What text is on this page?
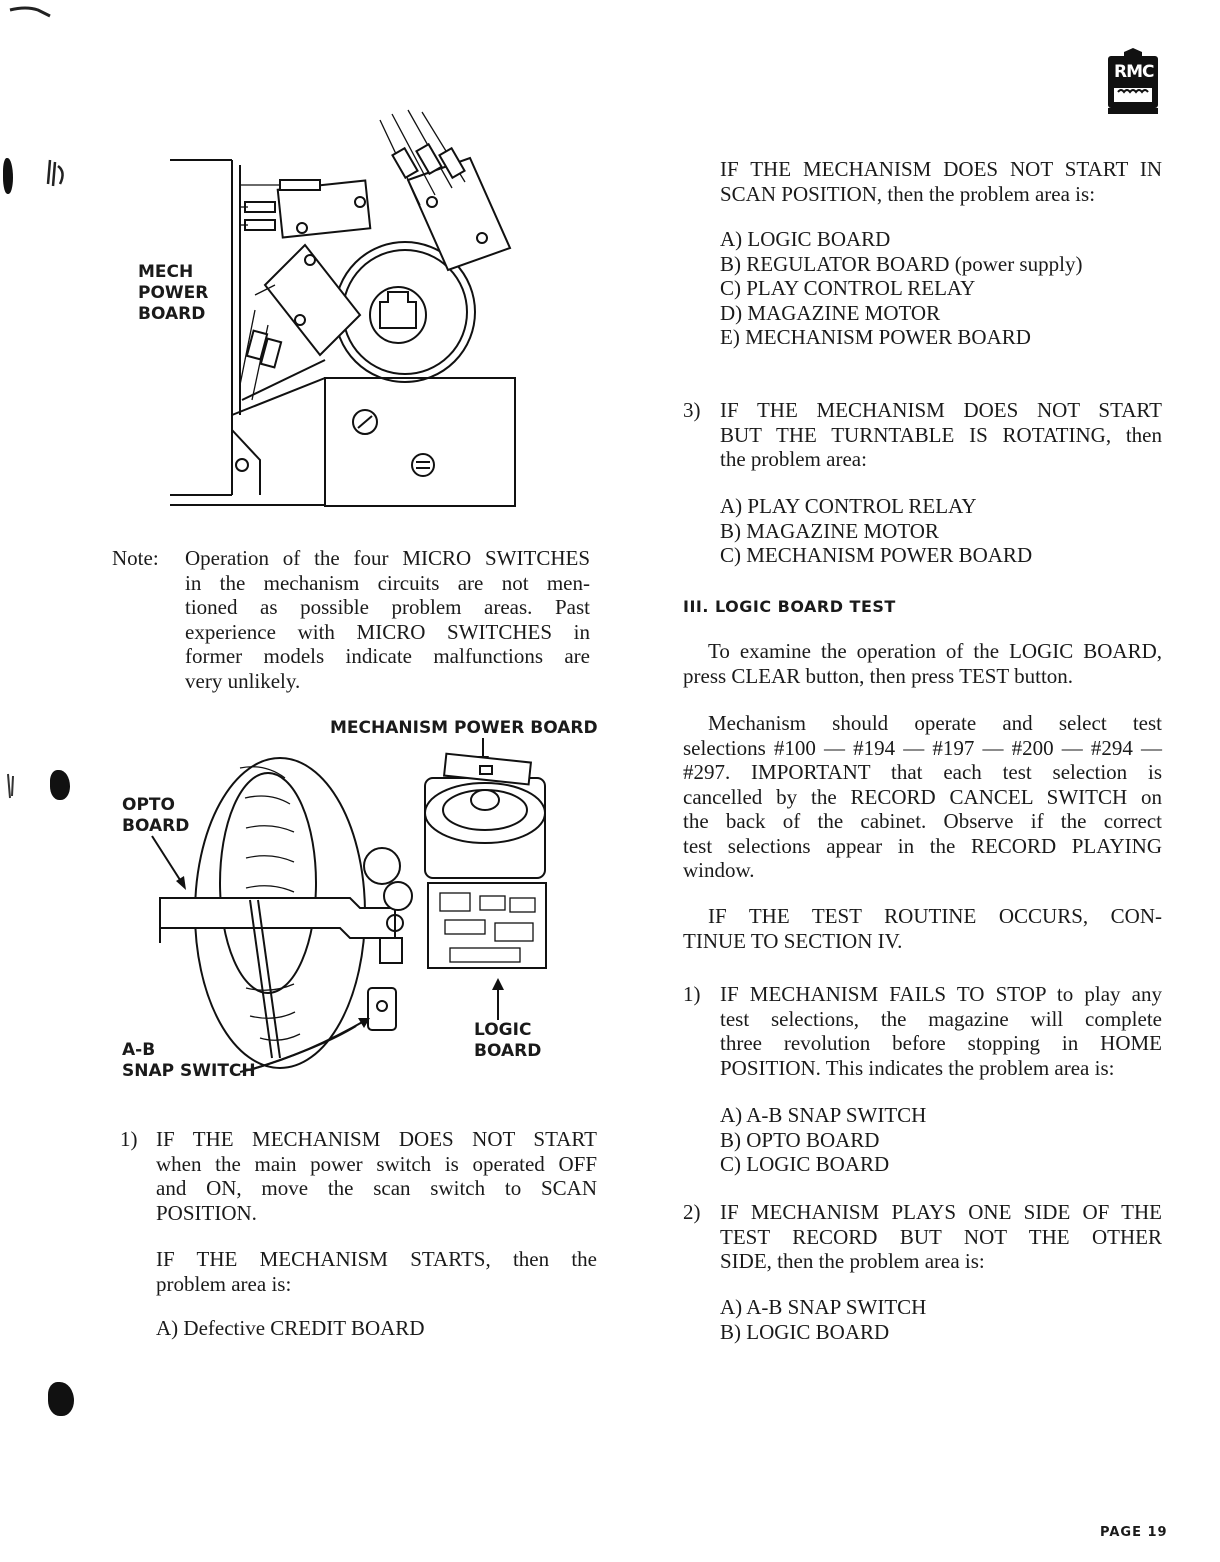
RMC
MECH
POWER
BOARD
Note: Operation of the four MICRO SWITCHES
in the mechanism circuits are not men-
tioned as possible problem areas. Past
experience with MICRO SWITCHES in
former models indicate malfunctions are
very unlikely.
MECHANISM POWER BOARD
OPTO
BOARD
LOGIC
BOARD
A-B
SNAP SWITCH
1) IF THE MECHANISM DOES NOT START
when the main power switch is operated OFF
and ON, move the scan switch to SCAN
POSITION.
IF THE MECHANISM STARTS, then the
problem area is:
A) Defective CREDIT BOARD
IF THE MECHANISM DOES NOT START IN
SCAN POSITION, then the problem area is:
A) LOGIC BOARD
B) REGULATOR BOARD (power supply)
C) PLAY CONTROL RELAY
D) MAGAZINE MOTOR
E) MECHANISM POWER BOARD
3) IF THE MECHANISM DOES NOT START
BUT THE TURNTABLE IS ROTATING, then
the problem area:
A) PLAY CONTROL RELAY
B) MAGAZINE MOTOR
C) MECHANISM POWER BOARD
III. LOGIC BOARD TEST
To examine the operation of the LOGIC BOARD,
press CLEAR button, then press TEST button.
Mechanism should operate and select test
selections #100 — #194 — #197 — #200 — #294 —
#297. IMPORTANT that each test selection is
cancelled by the RECORD CANCEL SWITCH on
the back of the cabinet. Observe if the correct
test selections appear in the RECORD PLAYING
window.
IF THE TEST ROUTINE OCCURS, CON-
TINUE TO SECTION IV.
1) IF MECHANISM FAILS TO STOP to play any
test selections, the magazine will complete
three revolution before stopping in HOME
POSITION. This indicates the problem area is:
A) A-B SNAP SWITCH
B) OPTO BOARD
C) LOGIC BOARD
2) IF MECHANISM PLAYS ONE SIDE OF THE
TEST RECORD BUT NOT THE OTHER
SIDE, then the problem area is:
A) A-B SNAP SWITCH
B) LOGIC BOARD
PAGE 19
